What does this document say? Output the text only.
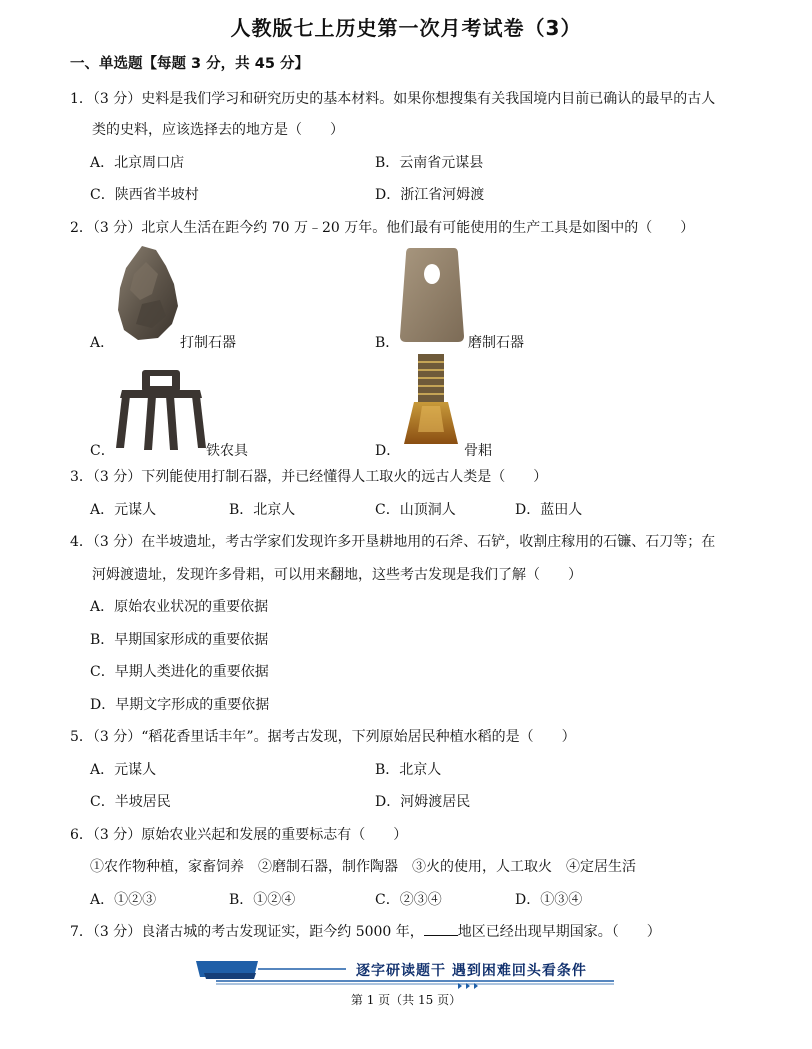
人教版七上历史第一次月考试卷（3）
一、单选题【每题 3 分，共 45 分】
1．（3 分）史料是我们学习和研究历史的基本材料。如果你想搜集有关我国境内目前已确认的最早的古人
类的史料，应该选择去的地方是（　　）
A．北京周口店	B．云南省元谋县
C．陕西省半坡村	D．浙江省河姆渡
2．（3 分）北京人生活在距今约 70 万﹣20 万年。他们最有可能使用的生产工具是如图中的（　　）
A．	打制石器	B．	磨制石器
C．	铁农具	D．	骨耜
3．（3 分）下列能使用打制石器，并已经懂得人工取火的远古人类是（　　）
A．元谋人	B．北京人	C．山顶洞人	D．蓝田人
4．（3 分）在半坡遗址，考古学家们发现许多开垦耕地用的石斧、石铲，收割庄稼用的石镰、石刀等；在
河姆渡遗址，发现许多骨耜，可以用来翻地，这些考古发现是我们了解（　　）
A．原始农业状况的重要依据
B．早期国家形成的重要依据
C．早期人类进化的重要依据
D．早期文字形成的重要依据
5．（3 分）“稻花香里话丰年”。据考古发现，下列原始居民种植水稻的是（　　）
A．元谋人	B．北京人
C．半坡居民	D．河姆渡居民
6．（3 分）原始农业兴起和发展的重要标志有（　　）
①农作物种植，家畜饲养　②磨制石器，制作陶器　③火的使用，人工取火　④定居生活
A．①②③	B．①②④	C．②③④	D．①③④
7．（3 分）良渚古城的考古发现证实，距今约 5000 年， 地区已经出现早期国家。（　　）
逐字研读题干 遇到困难回头看条件
第 1 页（共 15 页）
